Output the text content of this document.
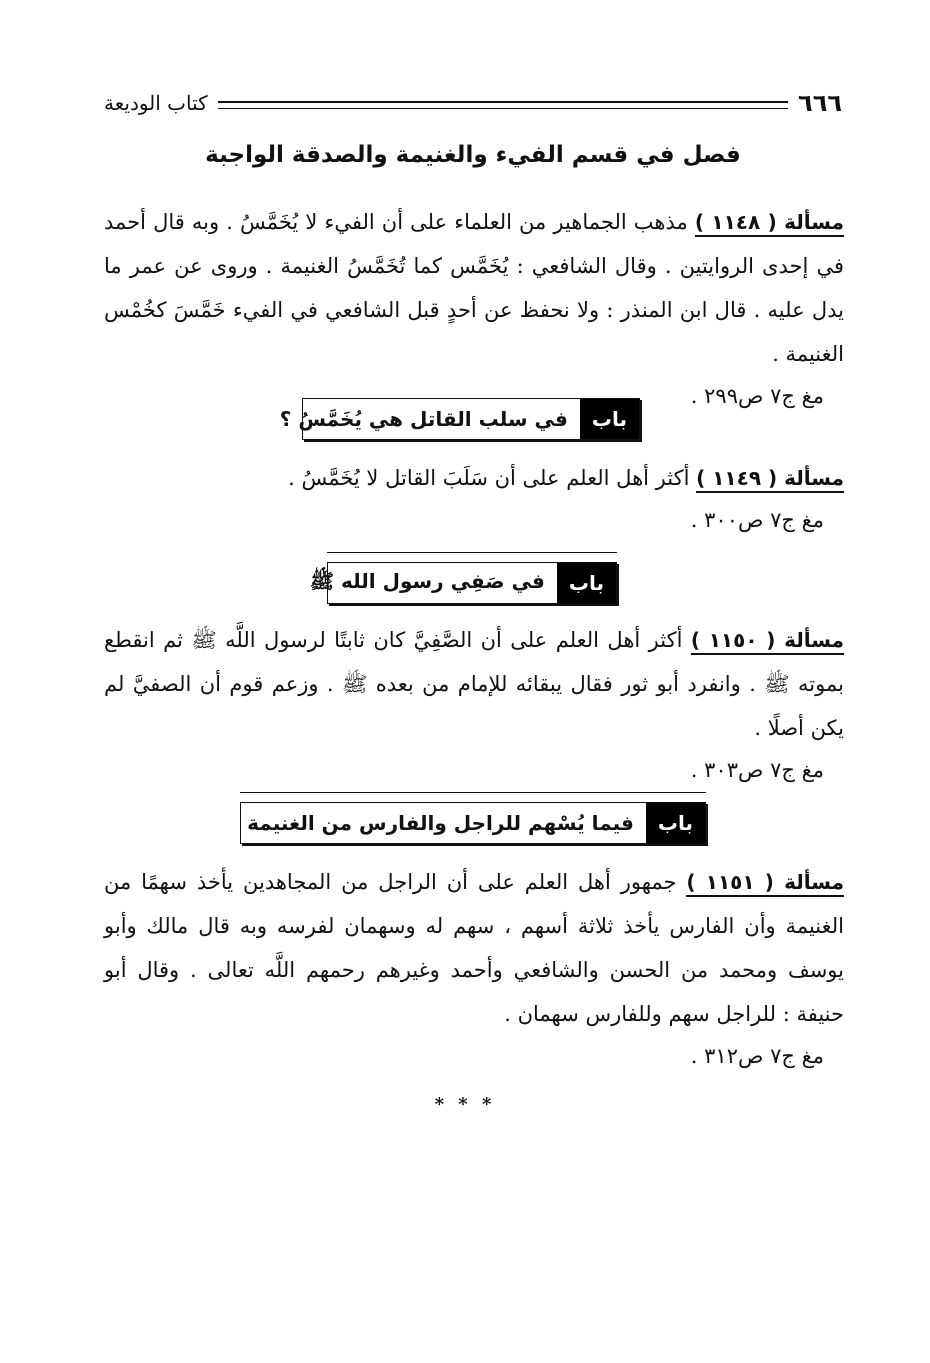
٦٦٦
كتاب الوديعة
فصل في قسم الفيء والغنيمة والصدقة الواجبة

مسألة ( ١١٤٨ ) مذهب الجماهير من العلماء على أن الفيء لا يُخَمَّسُ . وبه قال أحمد في إحدى الروايتين . وقال الشافعي : يُخَمَّس كما تُخَمَّسُ الغنيمة . وروى عن عمر ما يدل عليه . قال ابن المنذر : ولا نحفظ عن أحدٍ قبل الشافعي في الفيء خَمَّسَ كخُمْس الغنيمة .

مغ ج٧ ص٢٩٩ .

باب
في سلب القاتل هي يُخَمَّسُ ؟

مسألة ( ١١٤٩ ) أكثر أهل العلم على أن سَلَبَ القاتل لا يُخَمَّسُ .

مغ ج٧ ص٣٠٠ .

باب
في صَفِي رسول الله ﷺ

مسألة ( ١١٥٠ ) أكثر أهل العلم على أن الصَّفِيَّ كان ثابتًا لرسول اللَّه ﷺ ثم انقطع بموته ﷺ . وانفرد أبو ثور فقال يبقائه للإمام من بعده ﷺ . وزعم قوم أن الصفيَّ لم يكن أصلًا .

مغ ج٧ ص٣٠٣ .

باب
فيما يُسْهم للراجل والفارس من الغنيمة

مسألة ( ١١٥١ ) جمهور أهل العلم على أن الراجل من المجاهدين يأخذ سهمًا من الغنيمة وأن الفارس يأخذ ثلاثة أسهم ، سهم له وسهمان لفرسه وبه قال مالك وأبو يوسف ومحمد من الحسن والشافعي وأحمد وغيرهم رحمهم اللَّه تعالى . وقال أبو حنيفة : للراجل سهم وللفارس سهمان .

مغ ج٧ ص٣١٢ .

* * *
